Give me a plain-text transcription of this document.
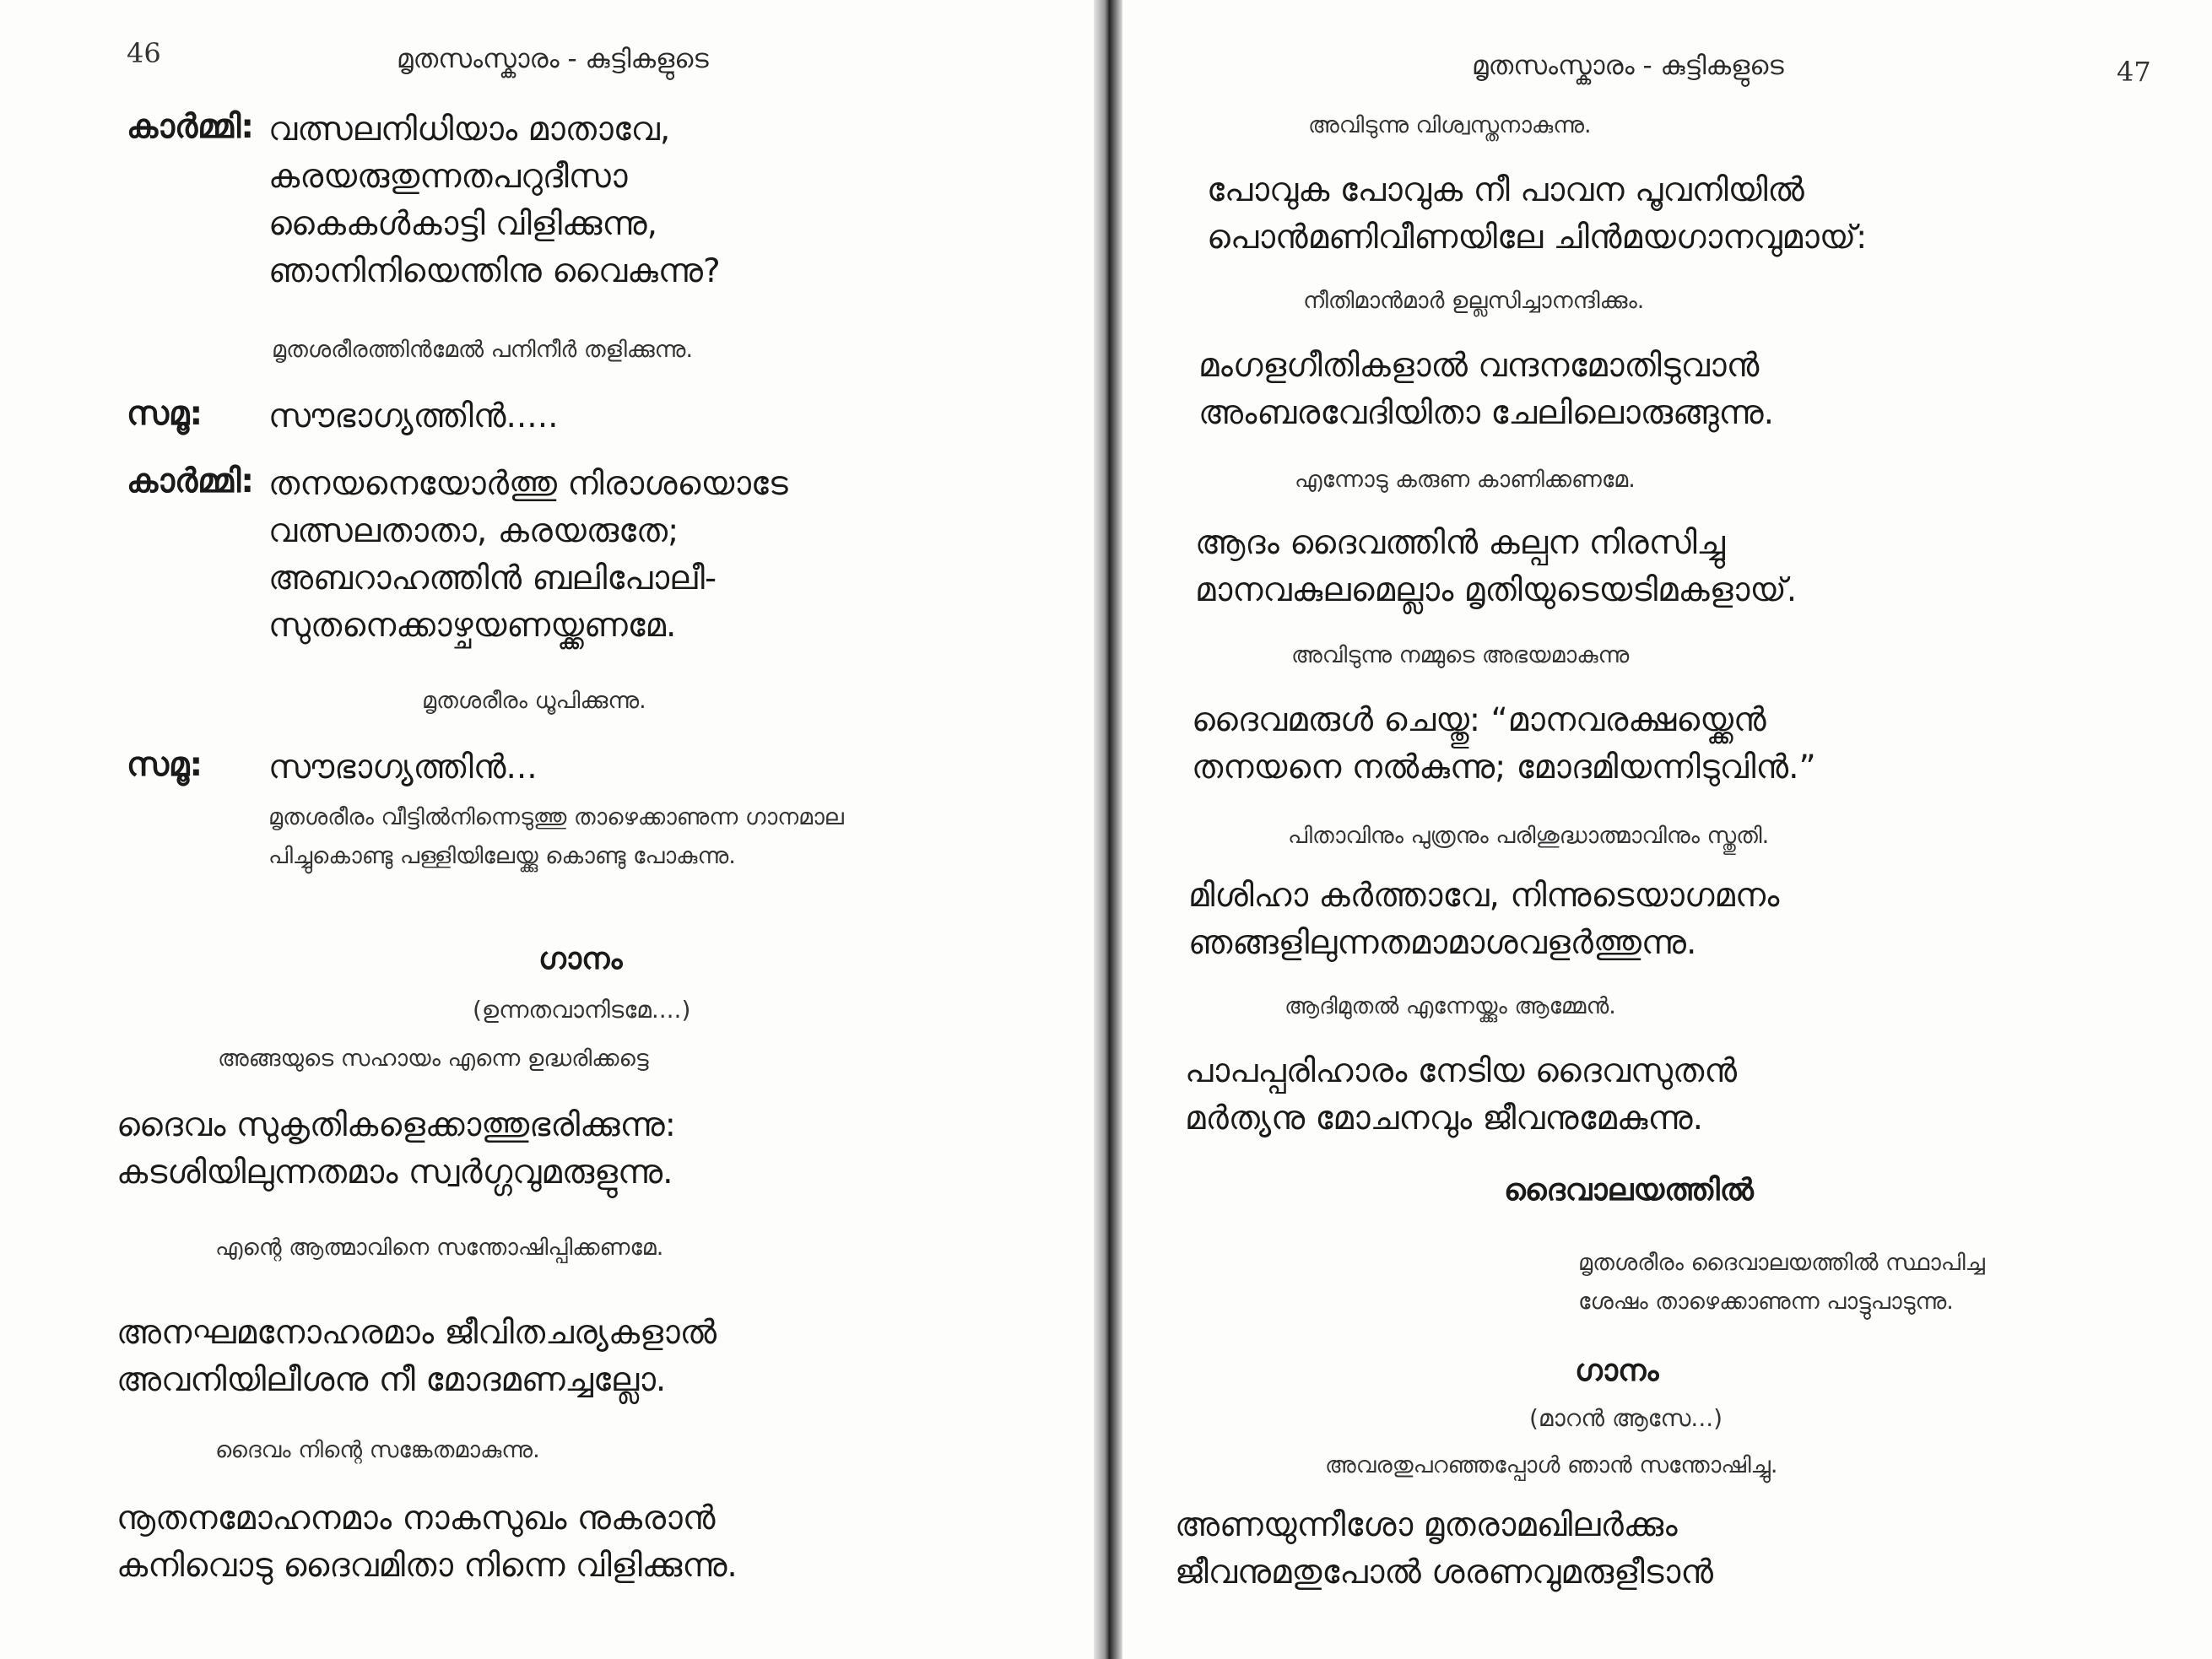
46	മൃതസംസ്കാരം - കുട്ടികളുടെ
കാർമ്മി: വത്സലനിധിയാം മാതാവേ,
കരയരുതുന്നതപറുദീസാ
കൈകൾകാട്ടി വിളിക്കുന്നു,
ഞാനിനിയെന്തിനു വൈകുന്നു?
മൃതശരീരത്തിൻമേൽ പനിനീർ തളിക്കുന്നു.
സമൂ: സൗഭാഗ്യത്തിൻ.....
കാർമ്മി: തനയനെയോർത്തു നിരാശയൊടേ
വത്സലതാതാ, കരയരുതേ;
അബറാഹത്തിൻ ബലിപോലീ-
സുതനെക്കാഴ്ചയണയ്ക്കണമേ.
മൃതശരീരം ധൂപിക്കുന്നു.
സമൂ: സൗഭാഗ്യത്തിൻ...
മൃതശരീരം വീട്ടിൽനിന്നെടുത്തു താഴെക്കാണുന്ന ഗാനമാല
പിച്ചുകൊണ്ടു പള്ളിയിലേയ്ക്കു കൊണ്ടു പോകുന്നു.
ഗാനം
(ഉന്നതവാനിടമേ....)
അങ്ങയുടെ സഹായം എന്നെ ഉദ്ധരിക്കട്ടെ
ദൈവം സുകൃതികളെക്കാത്തുഭരിക്കുന്നു:
കടശിയിലുന്നതമാം സ്വർഗ്ഗവുമരുളുന്നു.
എന്റെ ആത്മാവിനെ സന്തോഷിപ്പിക്കണമേ.
അനഘമനോഹരമാം ജീവിതചര്യകളാൽ
അവനിയിലീശനു നീ മോദമണച്ചല്ലോ.
ദൈവം നിന്റെ സങ്കേതമാകുന്നു.
നൂതനമോഹനമാം നാകസുഖം നുകരാൻ
കനിവൊടു ദൈവമിതാ നിന്നെ വിളിക്കുന്നു.
മൃതസംസ്കാരം - കുട്ടികളുടെ	47
അവിടുന്നു വിശ്വസ്തനാകുന്നു.
പോവുക പോവുക നീ പാവന പൂവനിയിൽ
പൊൻമണിവീണയിലേ ചിൻമയഗാനവുമായ്:
നീതിമാൻമാർ ഉല്ലസിച്ചാനന്ദിക്കും.
മംഗളഗീതികളാൽ വന്ദനമോതിടുവാൻ
അംബരവേദിയിതാ ചേലിലൊരുങ്ങുന്നു.
എന്നോടു കരുണ കാണിക്കണമേ.
ആദം ദൈവത്തിൻ കല്പന നിരസിച്ചു
മാനവകുലമെല്ലാം മൃതിയുടെയടിമകളായ്.
അവിടുന്നു നമ്മുടെ അഭയമാകുന്നു
ദൈവമരുൾ ചെയ്തു: “മാനവരക്ഷയ്ക്കെൻ
തനയനെ നൽകുന്നു; മോദമിയന്നിടുവിൻ.”
പിതാവിനും പുത്രനും പരിശുദ്ധാത്മാവിനും സ്തുതി.
മിശിഹാ കർത്താവേ, നിന്നുടെയാഗമനം
ഞങ്ങളിലുന്നതമാമാശവളർത്തുന്നു.
ആദിമുതൽ എന്നേയ്ക്കും ആമ്മേൻ.
പാപപ്പരിഹാരം നേടിയ ദൈവസുതൻ
മർത്യനു മോചനവും ജീവനുമേകുന്നു.
ദൈവാലയത്തിൽ
മൃതശരീരം ദൈവാലയത്തിൽ സ്ഥാപിച്ച
ശേഷം താഴെക്കാണുന്ന പാട്ടുപാടുന്നു.
ഗാനം
(മാറൻ ആസേ...)
അവരതുപറഞ്ഞപ്പോൾ ഞാൻ സന്തോഷിച്ചു.
അണയുന്നീശോ മൃതരാമഖിലർക്കും
ജീവനുമതുപോൽ ശരണവുമരുളീടാൻ
